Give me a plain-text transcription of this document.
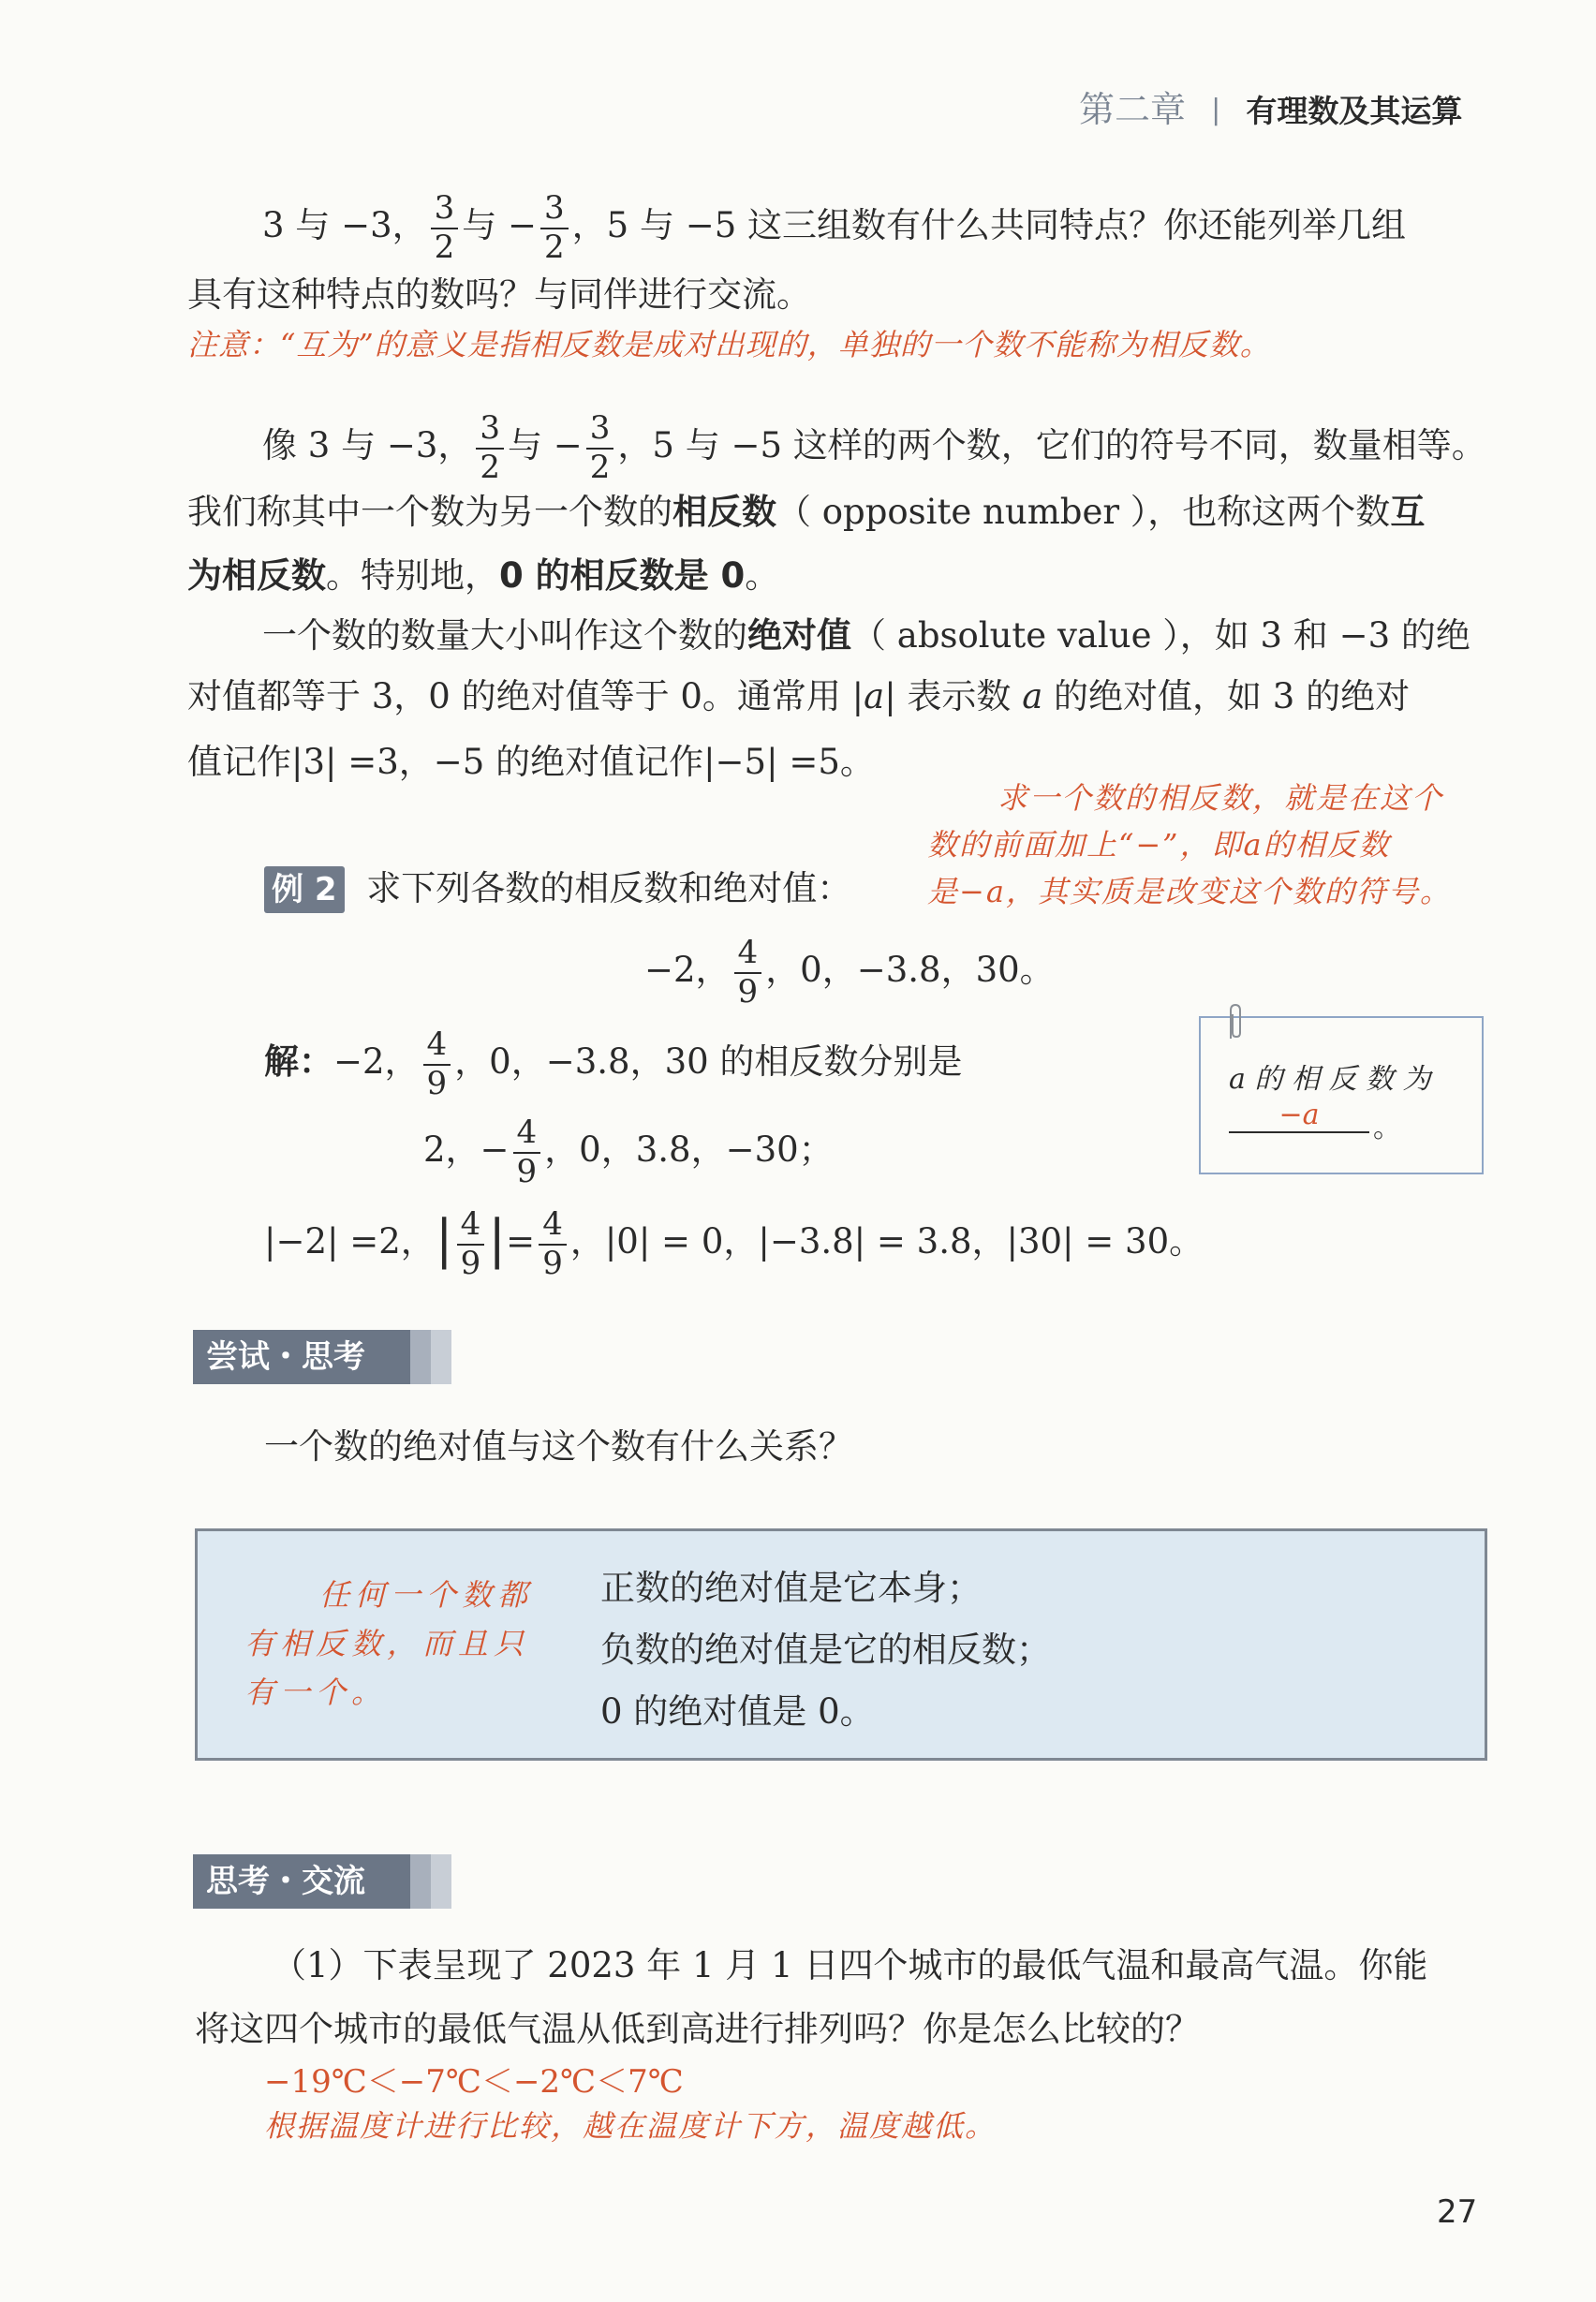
第二章 | 有理数及其运算
3 与 −3， $\frac{3}{2}$ 与 − $\frac{3}{2}$ ，5 与 −5 这三组数有什么共同特点？你还能列举几组
具有这种特点的数吗？与同伴进行交流。
注意：“互为”的意义是指相反数是成对出现的，单独的一个数不能称为相反数。
像 3 与 −3， $\frac{3}{2}$ 与 − $\frac{3}{2}$ ，5 与 −5 这样的两个数，它们的符号不同，数量相等。
我们称其中一个数为另一个数的相反数（ opposite number ），也称这两个数互
为相反数。特别地，0 的相反数是 0。
一个数的数量大小叫作这个数的绝对值（ absolute value ），如 3 和 −3 的绝
对值都等于 3，0 的绝对值等于 0。通常用 |a| 表示数 a 的绝对值，如 3 的绝对
值记作|3| =3，−5 的绝对值记作|−5| =5。
求一个数的相反数，就是在这个
数的前面加上“−”，即a的相反数
是−a，其实质是改变这个数的符号。
例 2 求下列各数的相反数和绝对值：
−2， $\frac{4}{9}$ ，0，−3.8，30。
解：−2， $\frac{4}{9}$ ，0，−3.8，30 的相反数分别是
2，− $\frac{4}{9}$ ，0，3.8，−30；
|−2| =2，| $\frac{4}{9}$ |= $\frac{4}{9}$ ，|0| = 0，|−3.8| = 3.8，|30| = 30。
a 的 相 反 数 为
−a	。
尝试・思考
一个数的绝对值与这个数有什么关系？
任何一个数都
有相反数，而且只
有一个。
正数的绝对值是它本身；
负数的绝对值是它的相反数；
0 的绝对值是 0。
思考・交流
（1）下表呈现了 2023 年 1 月 1 日四个城市的最低气温和最高气温。你能
将这四个城市的最低气温从低到高进行排列吗？你是怎么比较的？
−19℃＜−7℃＜−2℃＜7℃
根据温度计进行比较，越在温度计下方，温度越低。
27
